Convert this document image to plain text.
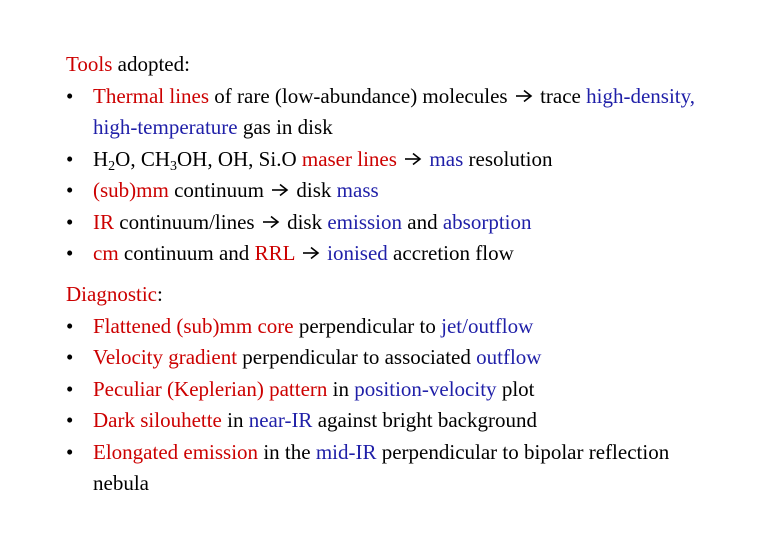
Tools adopted:
• Thermal lines of rare (low-abundance) molecules  trace high-density, high-temperature gas in disk
• $H_2O$, $CH_3OH$, OH, Si.O maser lines mas resolution
• (sub)mm continuum  disk mass
• IR continuum/lines  disk emission and absorption
• cm continuum and RRL ionised accretion flow
Diagnostic:
• Flattened (sub)mm core perpendicular to jet/outflow
• Velocity gradient perpendicular to associated outflow
• Peculiar (Keplerian) pattern in position-velocity plot
• Dark silouhette in near-IR against bright background
• Elongated emission in the mid-IR perpendicular to bipolar reflection nebula
